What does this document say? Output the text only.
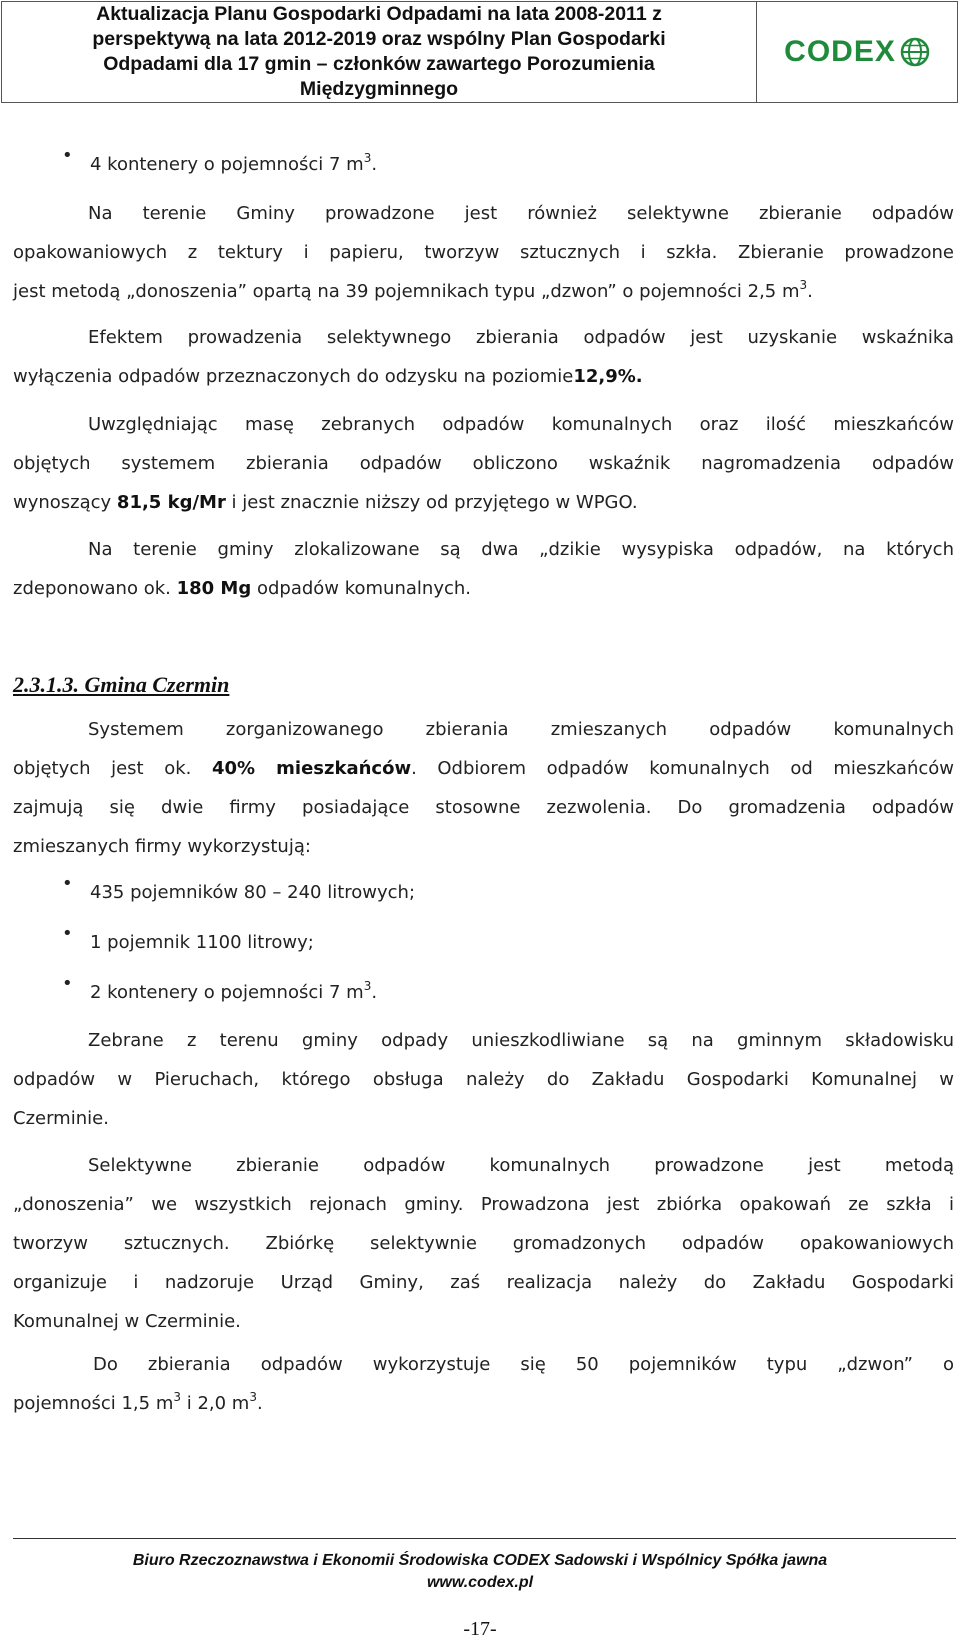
Aktualizacja Planu Gospodarki Odpadami na lata 2008-2011 z
perspektywą na lata 2012-2019 oraz wspólny Plan Gospodarki
Odpadami dla 17 gmin – członków zawartego Porozumienia
Międzygminnego
CODEX
• 4 kontenery o pojemności 7 $m^3$.
Na terenie Gminy prowadzone jest również selektywne zbieranie odpadów
opakowaniowych z tektury i papieru, tworzyw sztucznych i szkła. Zbieranie prowadzone
jest metodą „donoszenia” opartą na 39 pojemnikach typu „dzwon” o pojemności 2,5 $m^3$.
Efektem prowadzenia selektywnego zbierania odpadów jest uzyskanie wskaźnika
wyłączenia odpadów przeznaczonych do odzysku na poziomie12,9%.
Uwzględniając masę zebranych odpadów komunalnych oraz ilość mieszkańców
objętych systemem zbierania odpadów obliczono wskaźnik nagromadzenia odpadów
wynoszący 81,5 kg/Mr i jest znacznie niższy od przyjętego w WPGO.
Na terenie gminy zlokalizowane są dwa „dzikie wysypiska odpadów, na których
zdeponowano ok. 180 Mg odpadów komunalnych.
2.3.1.3. Gmina Czermin
Systemem zorganizowanego zbierania zmieszanych odpadów komunalnych
objętych jest ok. 40% mieszkańców. Odbiorem odpadów komunalnych od mieszkańców
zajmują się dwie firmy posiadające stosowne zezwolenia. Do gromadzenia odpadów
zmieszanych firmy wykorzystują:
• 435 pojemników 80 – 240 litrowych;
• 1 pojemnik 1100 litrowy;
• 2 kontenery o pojemności 7 $m^3$.
Zebrane z terenu gminy odpady unieszkodliwiane są na gminnym składowisku
odpadów w Pieruchach, którego obsługa należy do Zakładu Gospodarki Komunalnej w
Czerminie.
Selektywne zbieranie odpadów komunalnych prowadzone jest metodą
„donoszenia” we wszystkich rejonach gminy. Prowadzona jest zbiórka opakowań ze szkła i
tworzyw sztucznych. Zbiórkę selektywnie gromadzonych odpadów opakowaniowych
organizuje i nadzoruje Urząd Gminy, zaś realizacja należy do Zakładu Gospodarki
Komunalnej w Czerminie.
Do zbierania odpadów wykorzystuje się 50 pojemników typu „dzwon” o
pojemności 1,5 $m^3$ i 2,0 $m^3$.
Biuro Rzeczoznawstwa i Ekonomii Środowiska CODEX Sadowski i Wspólnicy Spółka jawna
www.codex.pl
-17-
